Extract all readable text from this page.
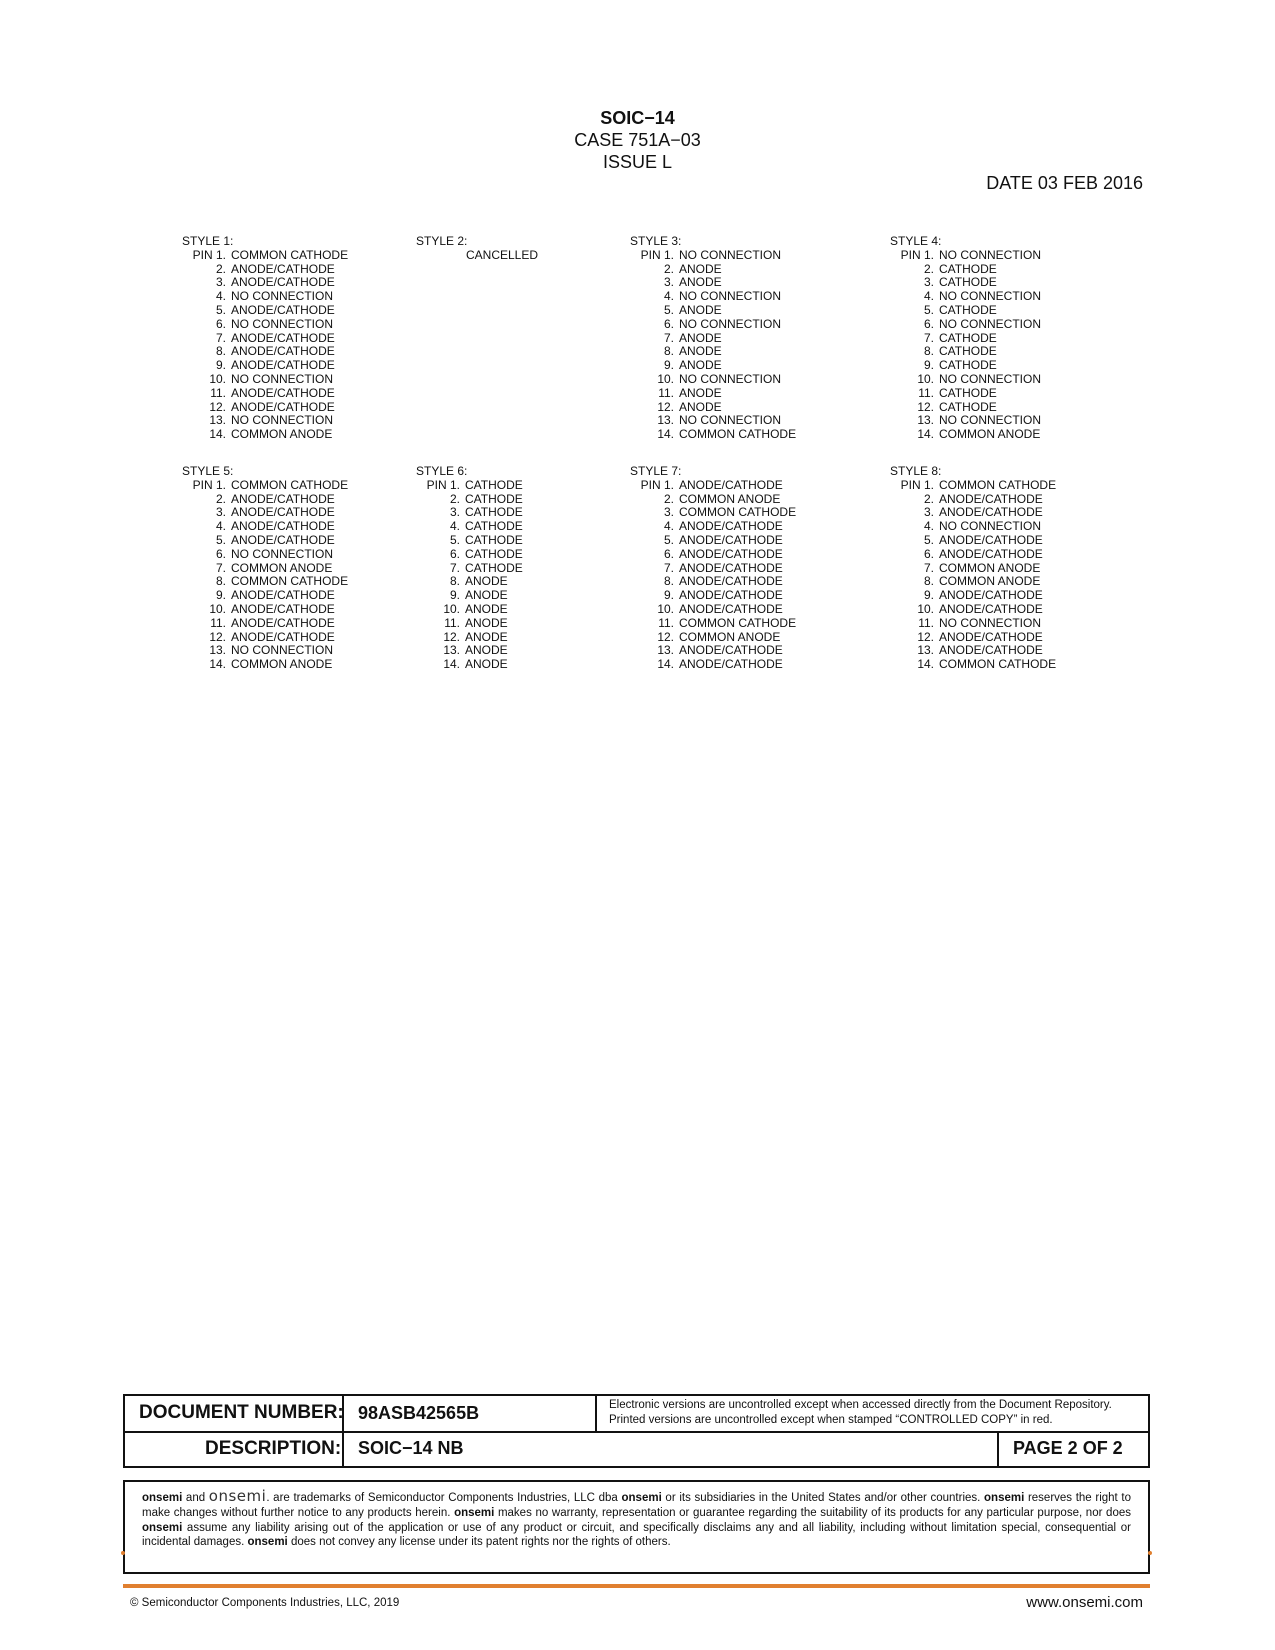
SOIC−14
CASE 751A−03
ISSUE L
DATE 03 FEB 2016
STYLE 1:
PIN 1. COMMON CATHODE
2. ANODE/CATHODE
3. ANODE/CATHODE
4. NO CONNECTION
5. ANODE/CATHODE
6. NO CONNECTION
7. ANODE/CATHODE
8. ANODE/CATHODE
9. ANODE/CATHODE
10. NO CONNECTION
11. ANODE/CATHODE
12. ANODE/CATHODE
13. NO CONNECTION
14. COMMON ANODE
STYLE 2:
CANCELLED
STYLE 3:
PIN 1. NO CONNECTION
2. ANODE
3. ANODE
4. NO CONNECTION
5. ANODE
6. NO CONNECTION
7. ANODE
8. ANODE
9. ANODE
10. NO CONNECTION
11. ANODE
12. ANODE
13. NO CONNECTION
14. COMMON CATHODE
STYLE 4:
PIN 1. NO CONNECTION
2. CATHODE
3. CATHODE
4. NO CONNECTION
5. CATHODE
6. NO CONNECTION
7. CATHODE
8. CATHODE
9. CATHODE
10. NO CONNECTION
11. CATHODE
12. CATHODE
13. NO CONNECTION
14. COMMON ANODE
STYLE 5:
PIN 1. COMMON CATHODE
2. ANODE/CATHODE
3. ANODE/CATHODE
4. ANODE/CATHODE
5. ANODE/CATHODE
6. NO CONNECTION
7. COMMON ANODE
8. COMMON CATHODE
9. ANODE/CATHODE
10. ANODE/CATHODE
11. ANODE/CATHODE
12. ANODE/CATHODE
13. NO CONNECTION
14. COMMON ANODE
STYLE 6:
PIN 1. CATHODE
2. CATHODE
3. CATHODE
4. CATHODE
5. CATHODE
6. CATHODE
7. CATHODE
8. ANODE
9. ANODE
10. ANODE
11. ANODE
12. ANODE
13. ANODE
14. ANODE
STYLE 7:
PIN 1. ANODE/CATHODE
2. COMMON ANODE
3. COMMON CATHODE
4. ANODE/CATHODE
5. ANODE/CATHODE
6. ANODE/CATHODE
7. ANODE/CATHODE
8. ANODE/CATHODE
9. ANODE/CATHODE
10. ANODE/CATHODE
11. COMMON CATHODE
12. COMMON ANODE
13. ANODE/CATHODE
14. ANODE/CATHODE
STYLE 8:
PIN 1. COMMON CATHODE
2. ANODE/CATHODE
3. ANODE/CATHODE
4. NO CONNECTION
5. ANODE/CATHODE
6. ANODE/CATHODE
7. COMMON ANODE
8. COMMON ANODE
9. ANODE/CATHODE
10. ANODE/CATHODE
11. NO CONNECTION
12. ANODE/CATHODE
13. ANODE/CATHODE
14. COMMON CATHODE
DOCUMENT NUMBER: 98ASB42565B	Electronic versions are uncontrolled except when accessed directly from the Document Repository.
Printed versions are uncontrolled except when stamped “CONTROLLED COPY” in red.
DESCRIPTION: SOIC−14 NB	PAGE 2 OF 2
onsemi and onsemi. are trademarks of Semiconductor Components Industries, LLC dba onsemi or its subsidiaries in the United States and/or other countries. onsemi reserves the right to make changes without further notice to any products herein. onsemi makes no warranty, representation or guarantee regarding the suitability of its products for any particular purpose, nor does onsemi assume any liability arising out of the application or use of any product or circuit, and specifically disclaims any and all liability, including without limitation special, consequential or incidental damages. onsemi does not convey any license under its patent rights nor the rights of others.
© Semiconductor Components Industries, LLC, 2019	www.onsemi.com
